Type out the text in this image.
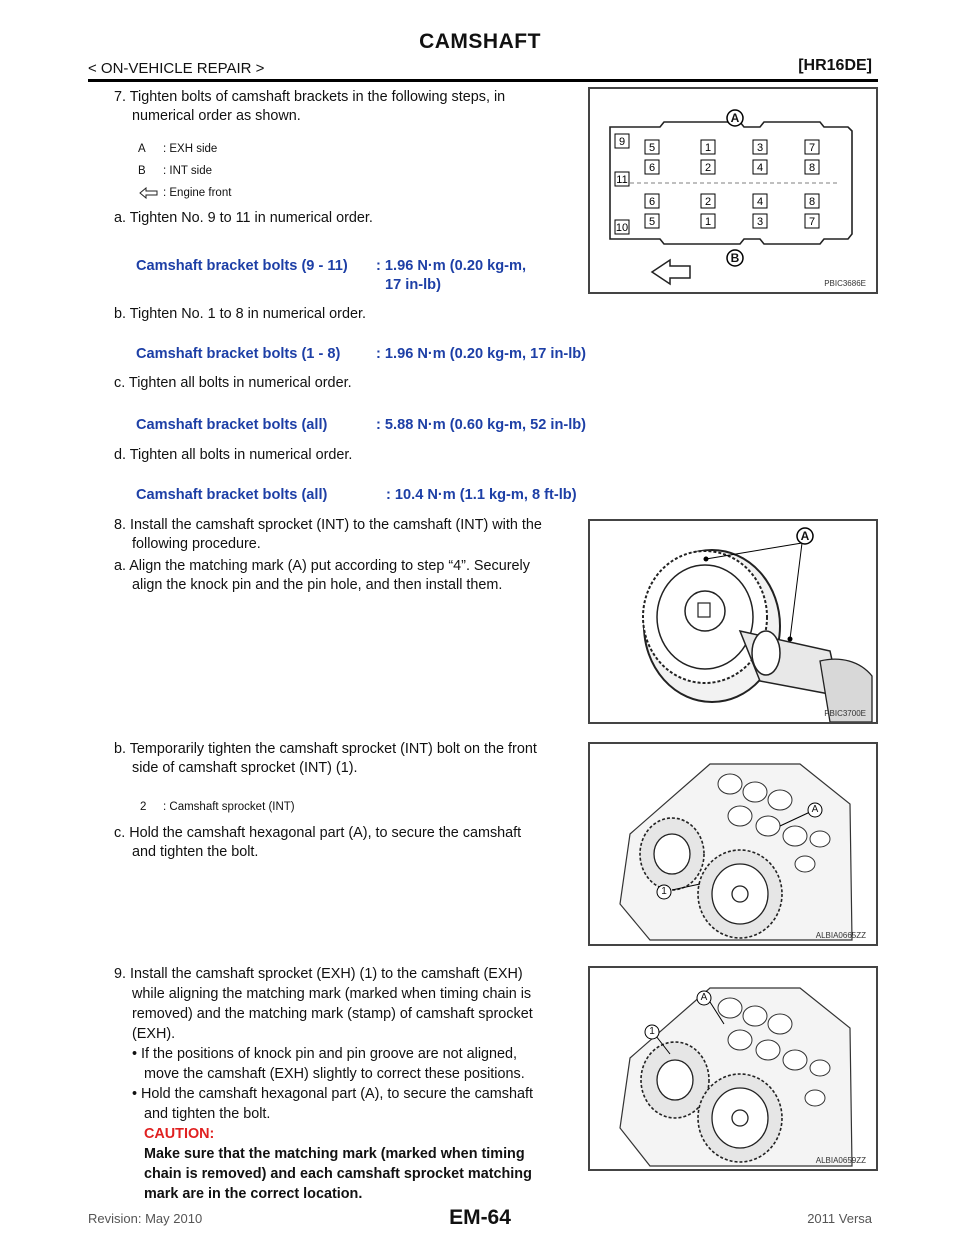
CAMSHAFT
< ON-VEHICLE REPAIR >	[HR16DE]
7. Tighten bolts of camshaft brackets in the following steps, in
numerical order as shown.
A : EXH side
B : INT side
: Engine front
a. Tighten No. 9 to 11 in numerical order.
Camshaft bracket bolts (9 - 11) : 1.96 N·m (0.20 kg-m,
17 in-lb)
b. Tighten No. 1 to 8 in numerical order.
Camshaft bracket bolts (1 - 8) : 1.96 N·m (0.20 kg-m, 17 in-lb)
c. Tighten all bolts in numerical order.
Camshaft bracket bolts (all)	: 5.88 N·m (0.60 kg-m, 52 in-lb)
d. Tighten all bolts in numerical order.
Camshaft bracket bolts (all)	: 10.4 N·m (1.1 kg-m, 8 ft-lb)
5	1	3	7
6	2	4	8
6	2	4	8
5	1	3	7
9
11
10
A
B
PBIC3686E
8. Install the camshaft sprocket (INT) to the camshaft (INT) with the
following procedure.
a. Align the matching mark (A) put according to step “4”. Securely
align the knock pin and the pin hole, and then install them.
A
PBIC3700E
b. Temporarily tighten the camshaft sprocket (INT) bolt on the front
side of camshaft sprocket (INT) (1).
2 : Camshaft sprocket (INT)
c. Hold the camshaft hexagonal part (A), to secure the camshaft
and tighten the bolt.
A
1
ALBIA0665ZZ
9. Install the camshaft sprocket (EXH) (1) to the camshaft (EXH)
while aligning the matching mark (marked when timing chain is
removed) and the matching mark (stamp) of camshaft sprocket
(EXH).
• If the positions of knock pin and pin groove are not aligned,
move the camshaft (EXH) slightly to correct these positions.
• Hold the camshaft hexagonal part (A), to secure the camshaft
and tighten the bolt.
CAUTION:
Make sure that the matching mark (marked when timing
chain is removed) and each camshaft sprocket matching
mark are in the correct location.
A
1
ALBIA0659ZZ
Revision: May 2010	EM-64	2011 Versa
